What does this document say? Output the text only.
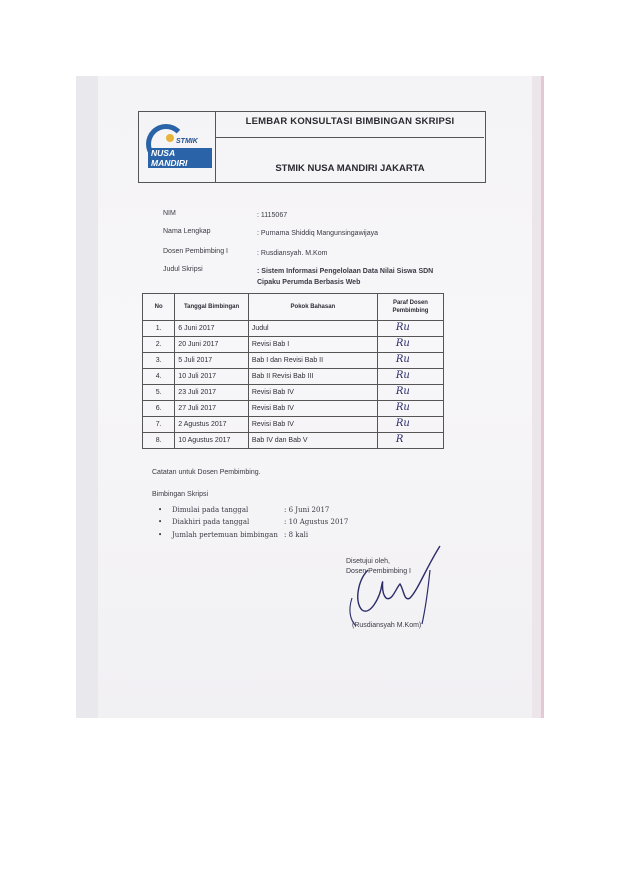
LEMBAR KONSULTASI BIMBINGAN SKRIPSI
STMIK NUSA MANDIRI JAKARTA
STMIK
NUSA MANDIRI
NIM	: 1115067
Nama Lengkap	: Purnama Shiddiq Mangunsingawijaya
Dosen Pembimbing I	: Rusdiansyah. M.Kom
Judul Skripsi	: Sistem Informasi Pengelolaan Data Nilai Siswa SDN Cipaku Perumda Berbasis Web
No	Tanggal Bimbingan	Pokok Bahasan	Paraf Dosen Pembimbing
1.	6 Juni 2017	Judul	Ru

2.	20 Juni 2017	Revisi Bab I	Ru

3.	5 Juli 2017	Bab I dan Revisi Bab II	Ru

4.	10 Juli 2017	Bab II Revisi Bab III	Ru

5.	23 Juli 2017	Revisi Bab IV	Ru

6.	27 Juli 2017	Revisi Bab IV	Ru

7.	2 Agustus 2017	Revisi Bab IV	Ru

8.	10 Agustus 2017	Bab IV dan Bab V	R
Catatan untuk Dosen Pembimbing.
Bimbingan Skripsi
• Dimulai pada tanggal	: 6 Juni 2017
• Diakhiri pada tanggal	: 10 Agustus 2017
• Jumlah pertemuan bimbingan : 8 kali
Disetujui oleh,
Dosen Pembimbing I
(Rusdiansyah M.Kom)
